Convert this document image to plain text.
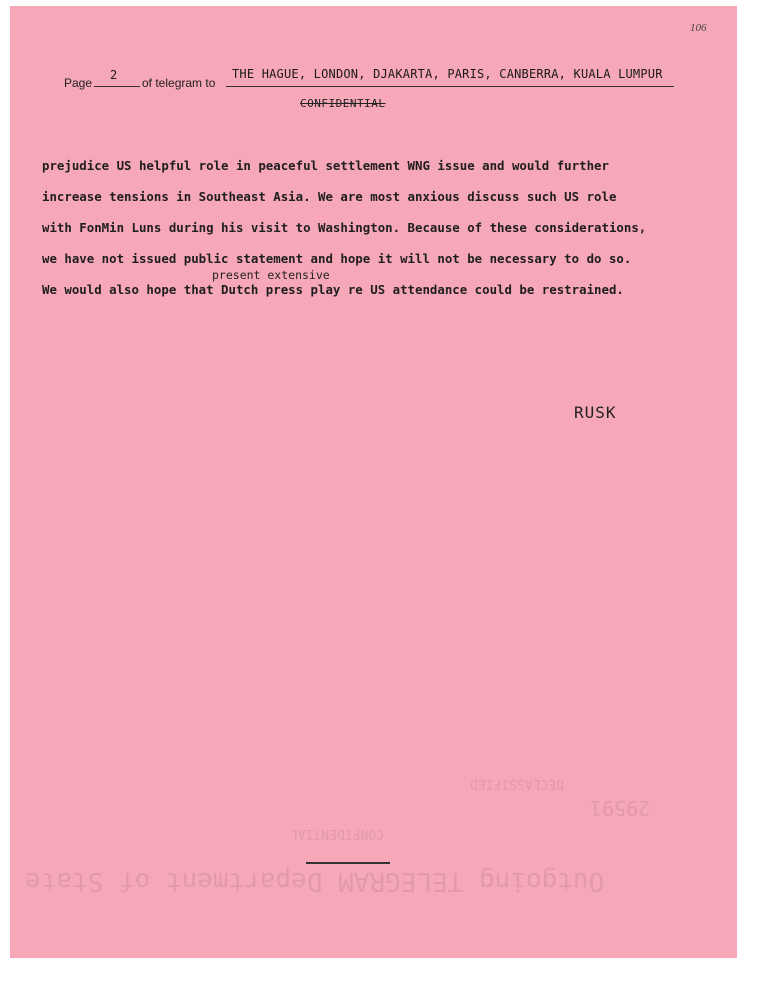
DECLASSIFIED
Outgoing TELEGRAM Department of State
CONFIDENTIAL
29591
106
Page
2
of telegram to
THE HAGUE, LONDON, DJAKARTA, PARIS, CANBERRA, KUALA LUMPUR
CONFIDENTIAL
prejudice US helpful role in peaceful settlement WNG issue and would further
increase tensions in Southeast Asia. We are most anxious discuss such US role
with FonMin Luns during his visit to Washington. Because of these considerations,
we have not issued public statement and hope it will not be necessary to do so.
present extensive
We would also hope that Dutch press play re US attendance could be restrained.
RUSK
